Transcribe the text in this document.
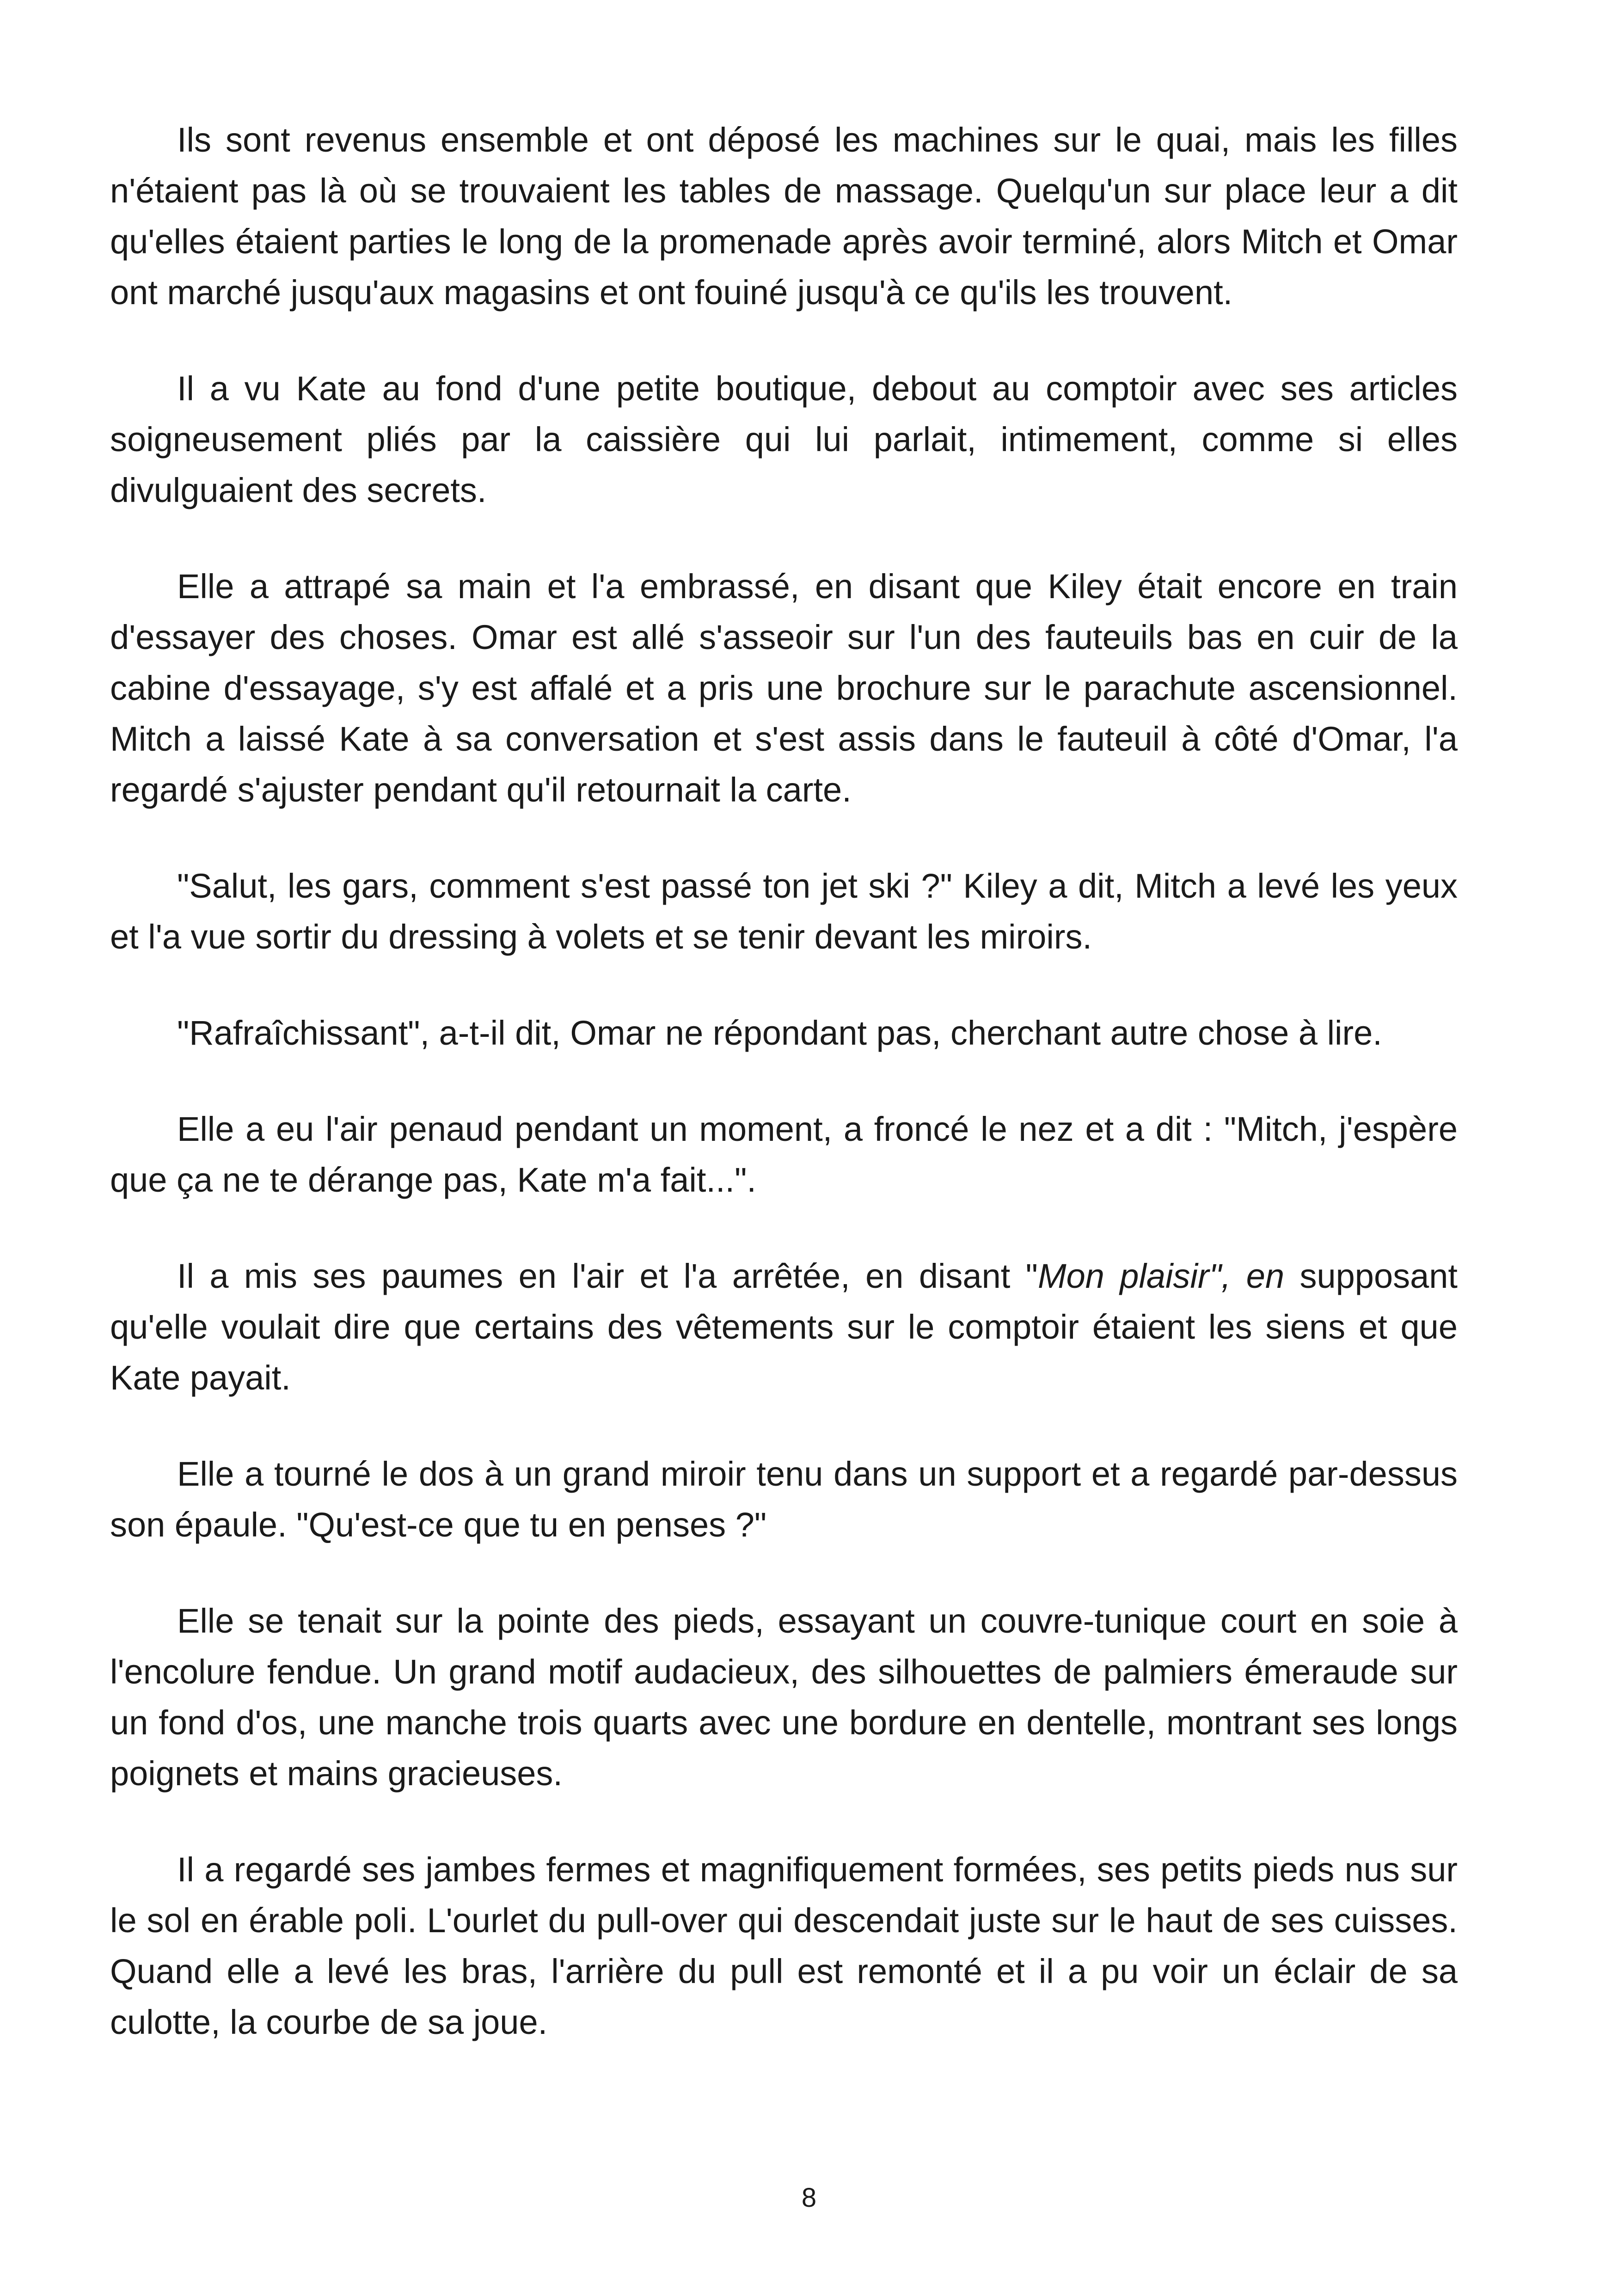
Ils sont revenus ensemble et ont déposé les machines sur le quai, mais les filles n'étaient pas là où se trouvaient les tables de massage. Quelqu'un sur place leur a dit qu'elles étaient parties le long de la promenade après avoir terminé, alors Mitch et Omar ont marché jusqu'aux magasins et ont fouiné jusqu'à ce qu'ils les trouvent.

Il a vu Kate au fond d'une petite boutique, debout au comptoir avec ses articles soigneusement pliés par la caissière qui lui parlait, intimement, comme si elles divulguaient des secrets.

Elle a attrapé sa main et l'a embrassé, en disant que Kiley était encore en train d'essayer des choses. Omar est allé s'asseoir sur l'un des fauteuils bas en cuir de la cabine d'essayage, s'y est affalé et a pris une brochure sur le parachute ascensionnel. Mitch a laissé Kate à sa conversation et s'est assis dans le fauteuil à côté d'Omar, l'a regardé s'ajuster pendant qu'il retournait la carte.

"Salut, les gars, comment s'est passé ton jet ski ?" Kiley a dit, Mitch a levé les yeux et l'a vue sortir du dressing à volets et se tenir devant les miroirs.

"Rafraîchissant", a-t-il dit, Omar ne répondant pas, cherchant autre chose à lire.

Elle a eu l'air penaud pendant un moment, a froncé le nez et a dit : "Mitch, j'espère que ça ne te dérange pas, Kate m'a fait...".

Il a mis ses paumes en l'air et l'a arrêtée, en disant "Mon plaisir", en supposant qu'elle voulait dire que certains des vêtements sur le comptoir étaient les siens et que Kate payait.

Elle a tourné le dos à un grand miroir tenu dans un support et a regardé par-dessus son épaule. "Qu'est-ce que tu en penses ?"

Elle se tenait sur la pointe des pieds, essayant un couvre-tunique court en soie à l'encolure fendue. Un grand motif audacieux, des silhouettes de palmiers émeraude sur un fond d'os, une manche trois quarts avec une bordure en dentelle, montrant ses longs poignets et mains gracieuses.

Il a regardé ses jambes fermes et magnifiquement formées, ses petits pieds nus sur le sol en érable poli. L'ourlet du pull-over qui descendait juste sur le haut de ses cuisses. Quand elle a levé les bras, l'arrière du pull est remonté et il a pu voir un éclair de sa culotte, la courbe de sa joue.

8
